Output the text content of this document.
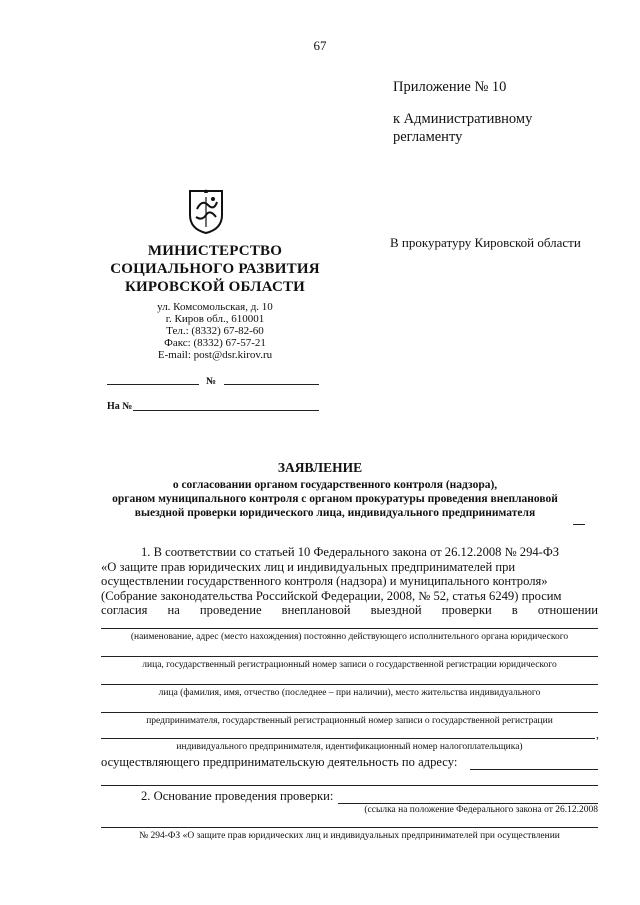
67
Приложение № 10
к Административному
регламенту
МИНИСТЕРСТВО
СОЦИАЛЬНОГО РАЗВИТИЯ
КИРОВСКОЙ ОБЛАСТИ
ул. Комсомольская, д. 10
г. Киров обл., 610001
Тел.: (8332) 67-82-60
Факс: (8332) 67-57-21
E-mail: post@dsr.kirov.ru
В прокуратуру Кировской области
№
На №
ЗАЯВЛЕНИЕ
о согласовании органом государственного контроля (надзора),
органом муниципального контроля с органом прокуратуры проведения внеплановой
выездной проверки юридического лица, индивидуального предпринимателя
1. В соответствии со статьей 10 Федерального закона от 26.12.2008 № 294-ФЗ
«О защите прав юридических лиц и индивидуальных предпринимателей при
осуществлении государственного контроля (надзора) и муниципального контроля»
(Собрание законодательства Российской Федерации, 2008, № 52, статья 6249) просим
согласия на проведение внеплановой выездной проверки в отношении
(наименование, адрес (место нахождения) постоянно действующего исполнительного органа юридического
лица, государственный регистрационный номер записи о государственной регистрации юридического
лица (фамилия, имя, отчество (последнее – при наличии), место жительства индивидуального
предпринимателя, государственный регистрационный номер записи о государственной регистрации
,
индивидуального предпринимателя, идентификационный номер налогоплательщика)
осуществляющего предпринимательскую деятельность по адресу:
2. Основание проведения проверки:
(ссылка на положение Федерального закона от 26.12.2008
№ 294-ФЗ «О защите прав юридических лиц и индивидуальных предпринимателей при осуществлении
